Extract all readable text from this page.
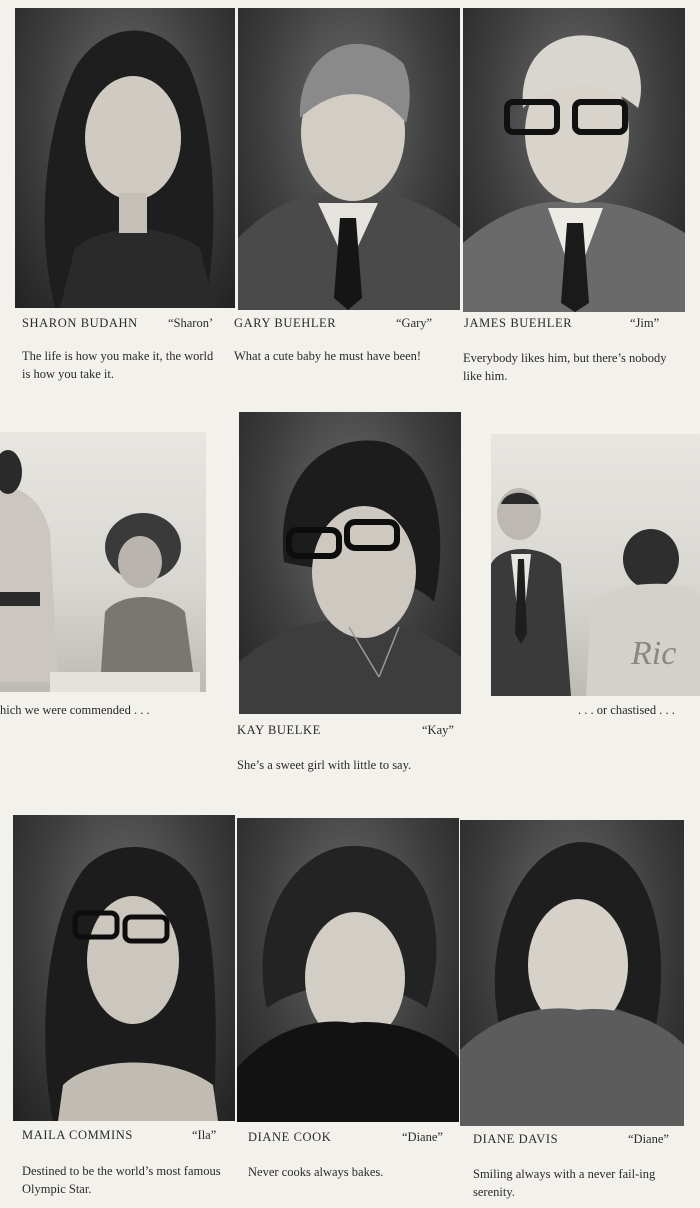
SHARON BUDAHN “Sharon’
The life is how you make it, the world is how you take it.
GARY BUEHLER	“Gary”
What a cute baby he must have been!
JAMES BUEHLER	“Jim”
Everybody likes him, but there’s nobody like him.
hich we were commended . . .
KAY BUELKE	“Kay”
She’s a sweet girl with little to say.
Ric
. . . or chastised . . .
MAILA COMMINS	“Ila”
Destined to be the world’s most famous Olympic Star.
DIANE COOK	“Diane”
Never cooks always bakes.
DIANE DAVIS	“Diane”
Smiling always with a never fail-ing serenity.
